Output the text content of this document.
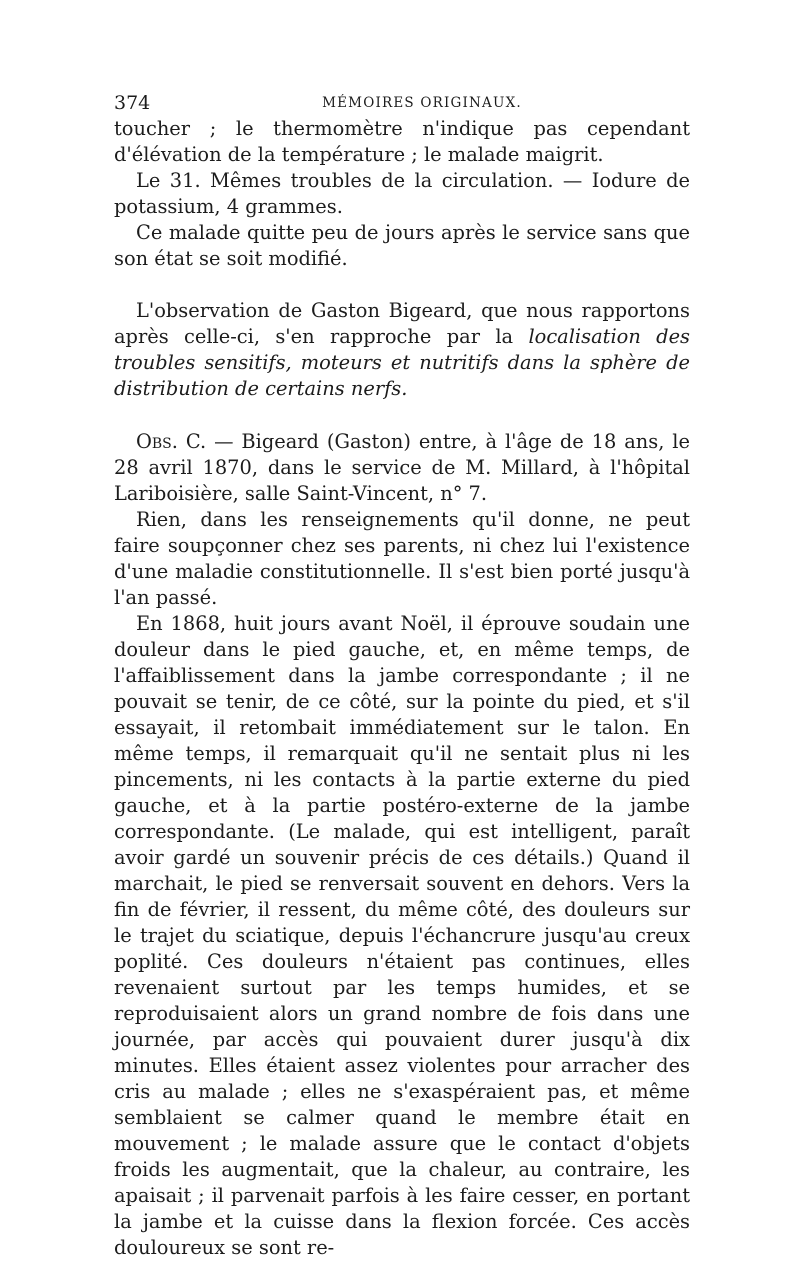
374	MÉMOIRES ORIGINAUX.

toucher ; le thermomètre n'indique pas cependant d'élévation de la température ; le malade maigrit.

Le 31. Mêmes troubles de la circulation. — Iodure de potassium, 4 grammes.

Ce malade quitte peu de jours après le service sans que son état se soit modifié.

L'observation de Gaston Bigeard, que nous rapportons après celle-ci, s'en rapproche par la localisation des troubles sensitifs, moteurs et nutritifs dans la sphère de distribution de certains nerfs.

Obs. C. — Bigeard (Gaston) entre, à l'âge de 18 ans, le 28 avril 1870, dans le service de M. Millard, à l'hôpital Lariboisière, salle Saint-Vincent, n° 7.

Rien, dans les renseignements qu'il donne, ne peut faire soupçonner chez ses parents, ni chez lui l'existence d'une maladie constitutionnelle. Il s'est bien porté jusqu'à l'an passé.

En 1868, huit jours avant Noël, il éprouve soudain une douleur dans le pied gauche, et, en même temps, de l'affaiblissement dans la jambe correspondante ; il ne pouvait se tenir, de ce côté, sur la pointe du pied, et s'il essayait, il retombait immédiatement sur le talon. En même temps, il remarquait qu'il ne sentait plus ni les pincements, ni les contacts à la partie externe du pied gauche, et à la partie postéro-externe de la jambe correspondante. (Le malade, qui est intelligent, paraît avoir gardé un souvenir précis de ces détails.) Quand il marchait, le pied se renversait souvent en dehors. Vers la fin de février, il ressent, du même côté, des douleurs sur le trajet du sciatique, depuis l'échancrure jusqu'au creux poplité. Ces douleurs n'étaient pas continues, elles revenaient surtout par les temps humides, et se reproduisaient alors un grand nombre de fois dans une journée, par accès qui pouvaient durer jusqu'à dix minutes. Elles étaient assez violentes pour arracher des cris au malade ; elles ne s'exaspéraient pas, et même semblaient se calmer quand le membre était en mouvement ; le malade assure que le contact d'objets froids les augmentait, que la chaleur, au contraire, les apaisait ; il parvenait parfois à les faire cesser, en portant la jambe et la cuisse dans la flexion forcée. Ces accès douloureux se sont re-
